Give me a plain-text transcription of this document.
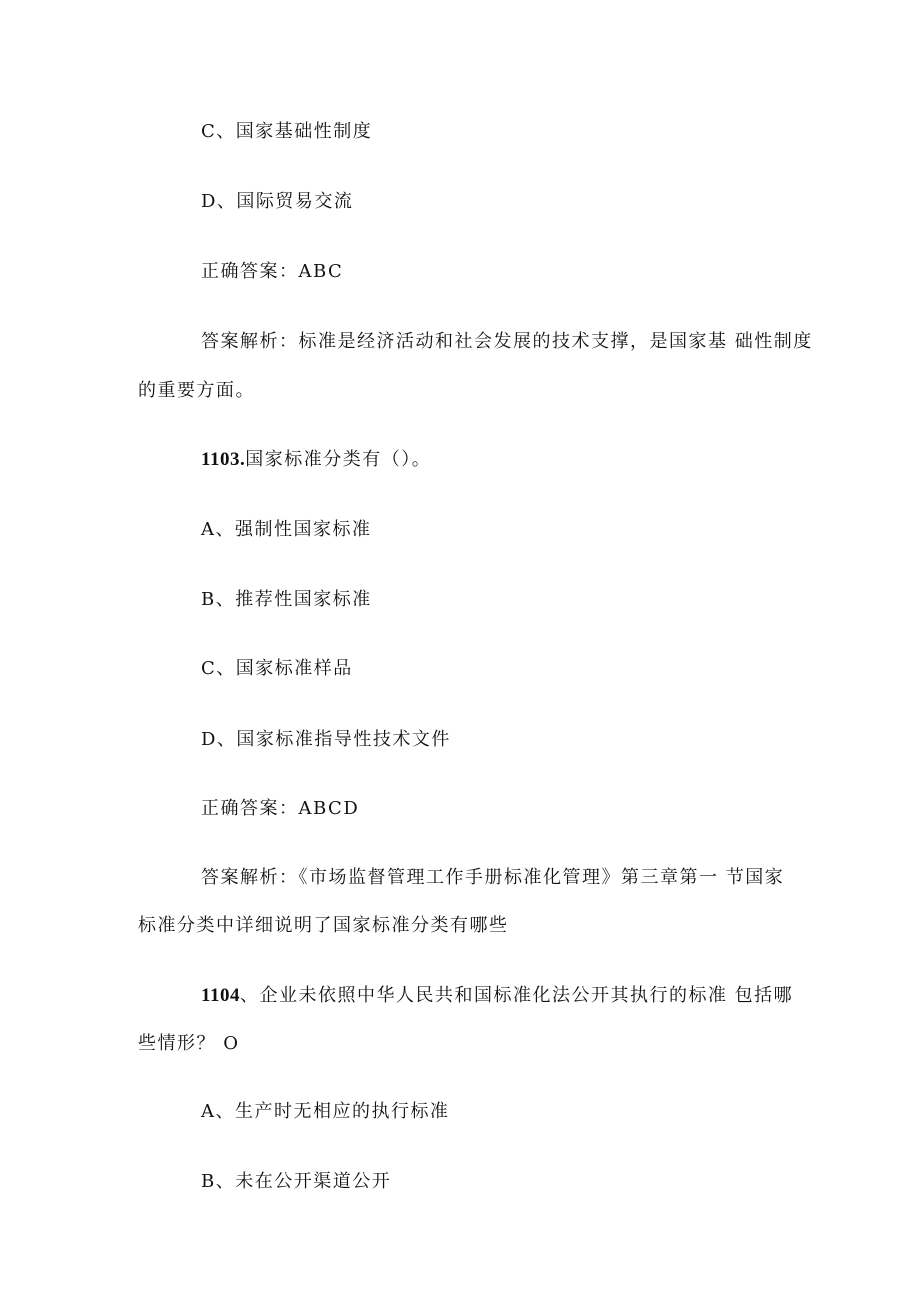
C、国家基础性制度
D、国际贸易交流
正确答案：ABC
答案解析：标准是经济活动和社会发展的技术支撑，是国家基 础性制度
的重要方面。
1103.国家标准分类有（）。
A、强制性国家标准
B、推荐性国家标准
C、国家标准样品
D、国家标准指导性技术文件
正确答案：ABCD
答案解析：《市场监督管理工作手册标准化管理》第三章第一 节国家
标准分类中详细说明了国家标准分类有哪些
1104、企业未依照中华人民共和国标准化法公开其执行的标准 包括哪
些情形？ O
A、生产时无相应的执行标准
B、未在公开渠道公开
